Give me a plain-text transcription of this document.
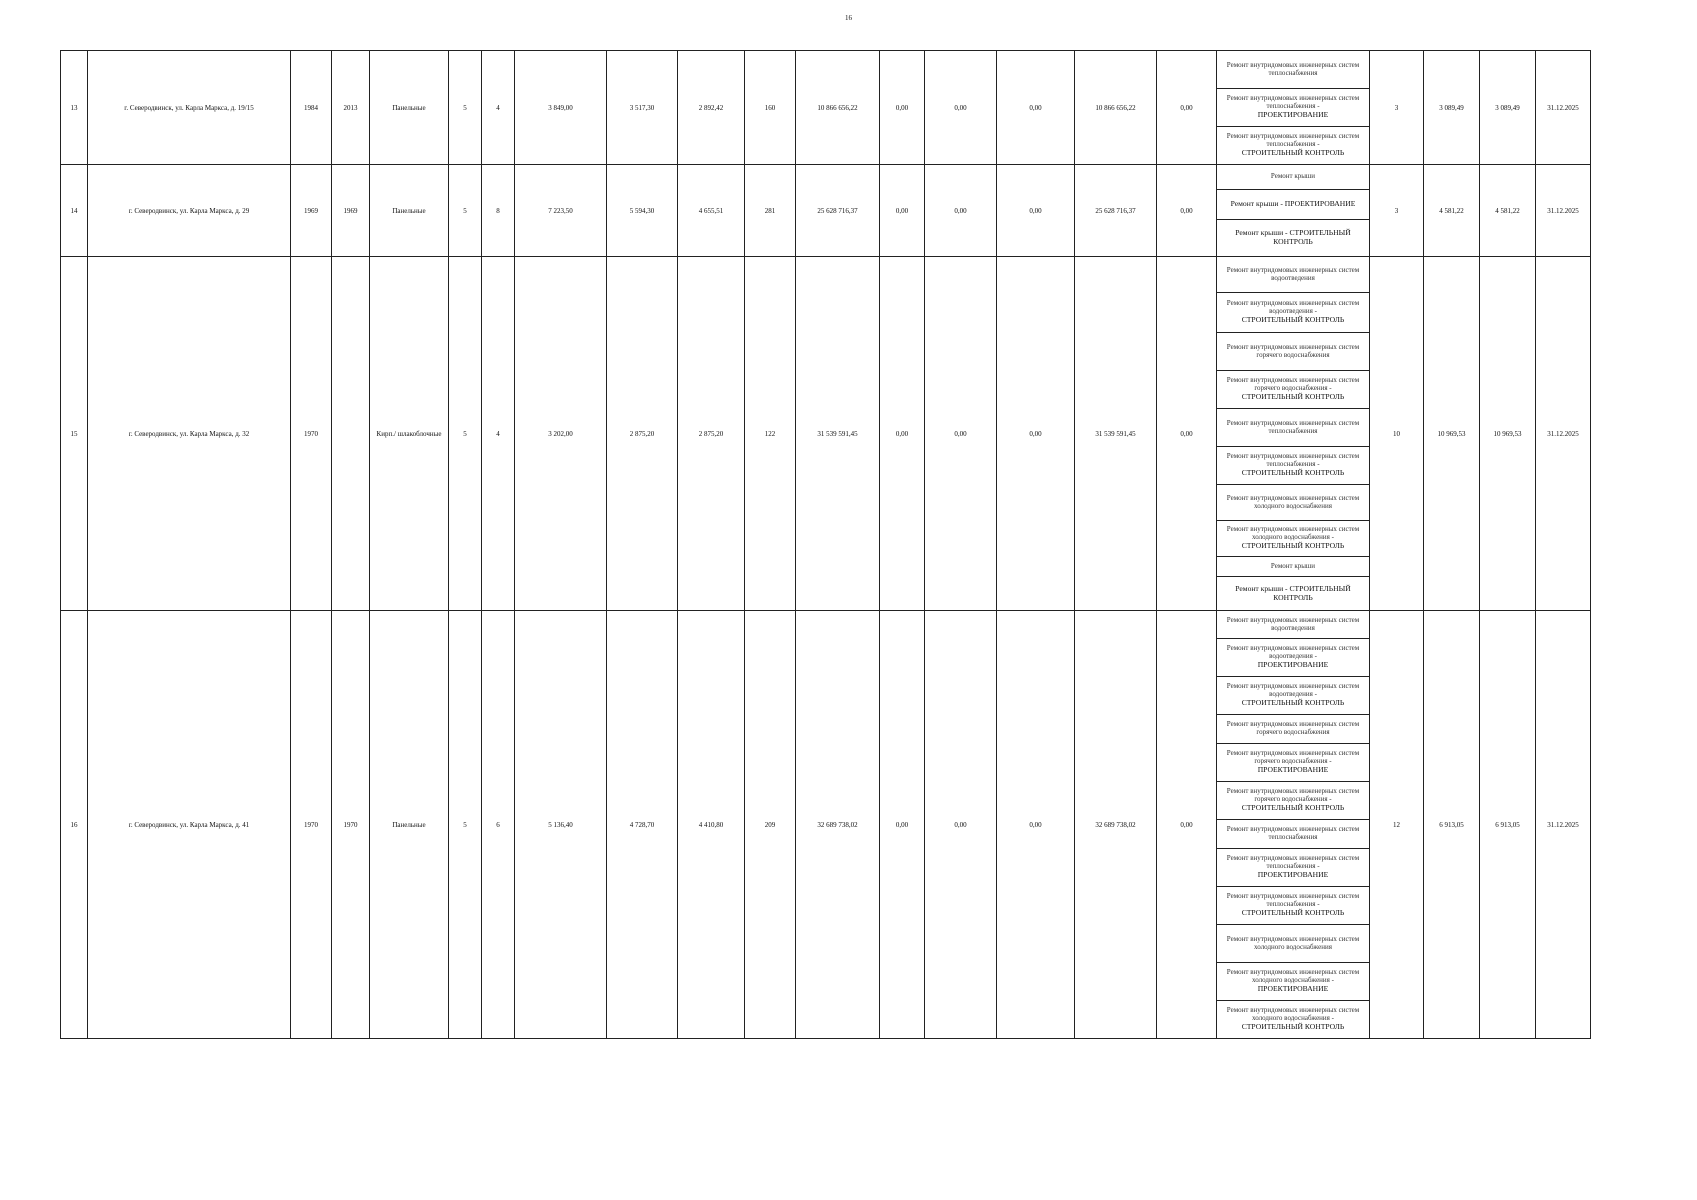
16
13	г. Северодвинск, ул. Карла Маркса, д. 19/15	1984	2013	Панельные	5	4	3 849,00	3 517,30	2 892,42	160	10 866 656,22	0,00	0,00	0,00	10 866 656,22	0,00	Ремонт внутридомовых инженерных систем теплоснабжения	3	3 089,49	3 089,49	31.12.2025
																	Ремонт внутридомовых инженерных систем теплоснабжения -
ПРОЕКТИРОВАНИЕ				
																	Ремонт внутридомовых инженерных систем теплоснабжения -
СТРОИТЕЛЬНЫЙ КОНТРОЛЬ				
14	г. Северодвинск, ул. Карла Маркса, д. 29	1969	1969	Панельные	5	8	7 223,50	5 594,30	4 655,51	281	25 628 716,37	0,00	0,00	0,00	25 628 716,37	0,00	Ремонт крыши	3	4 581,22	4 581,22	31.12.2025
																	Ремонт крыши - ПРОЕКТИРОВАНИЕ				
																	Ремонт крыши - СТРОИТЕЛЬНЫЙ КОНТРОЛЬ				
15	г. Северодвинск, ул. Карла Маркса, д. 32	1970		Кирп./ шлакоблочные	5	4	3 202,00	2 875,20	2 875,20	122	31 539 591,45	0,00	0,00	0,00	31 539 591,45	0,00	Ремонт внутридомовых инженерных систем водоотведения	10	10 969,53	10 969,53	31.12.2025
																	Ремонт внутридомовых инженерных систем водоотведения -
СТРОИТЕЛЬНЫЙ КОНТРОЛЬ				
																	Ремонт внутридомовых инженерных систем горячего водоснабжения				
																	Ремонт внутридомовых инженерных систем горячего водоснабжения -
СТРОИТЕЛЬНЫЙ КОНТРОЛЬ				
																	Ремонт внутридомовых инженерных систем теплоснабжения				
																	Ремонт внутридомовых инженерных систем теплоснабжения -
СТРОИТЕЛЬНЫЙ КОНТРОЛЬ				
																	Ремонт внутридомовых инженерных систем холодного водоснабжения				
																	Ремонт внутридомовых инженерных систем холодного водоснабжения -
СТРОИТЕЛЬНЫЙ КОНТРОЛЬ				
																	Ремонт крыши				
																	Ремонт крыши - СТРОИТЕЛЬНЫЙ КОНТРОЛЬ				
16	г. Северодвинск, ул. Карла Маркса, д. 41	1970	1970	Панельные	5	6	5 136,40	4 728,70	4 410,80	209	32 689 738,02	0,00	0,00	0,00	32 689 738,02	0,00	Ремонт внутридомовых инженерных систем водоотведения	12	6 913,05	6 913,05	31.12.2025
																	Ремонт внутридомовых инженерных систем водоотведения -
ПРОЕКТИРОВАНИЕ				
																	Ремонт внутридомовых инженерных систем водоотведения -
СТРОИТЕЛЬНЫЙ КОНТРОЛЬ				
																	Ремонт внутридомовых инженерных систем горячего водоснабжения				
																	Ремонт внутридомовых инженерных систем горячего водоснабжения -
ПРОЕКТИРОВАНИЕ				
																	Ремонт внутридомовых инженерных систем горячего водоснабжения -
СТРОИТЕЛЬНЫЙ КОНТРОЛЬ				
																	Ремонт внутридомовых инженерных систем теплоснабжения				
																	Ремонт внутридомовых инженерных систем теплоснабжения -
ПРОЕКТИРОВАНИЕ				
																	Ремонт внутридомовых инженерных систем теплоснабжения -
СТРОИТЕЛЬНЫЙ КОНТРОЛЬ				
																	Ремонт внутридомовых инженерных систем холодного водоснабжения				
																	Ремонт внутридомовых инженерных систем холодного водоснабжения -
ПРОЕКТИРОВАНИЕ				
																	Ремонт внутридомовых инженерных систем холодного водоснабжения -
СТРОИТЕЛЬНЫЙ КОНТРОЛЬ				
